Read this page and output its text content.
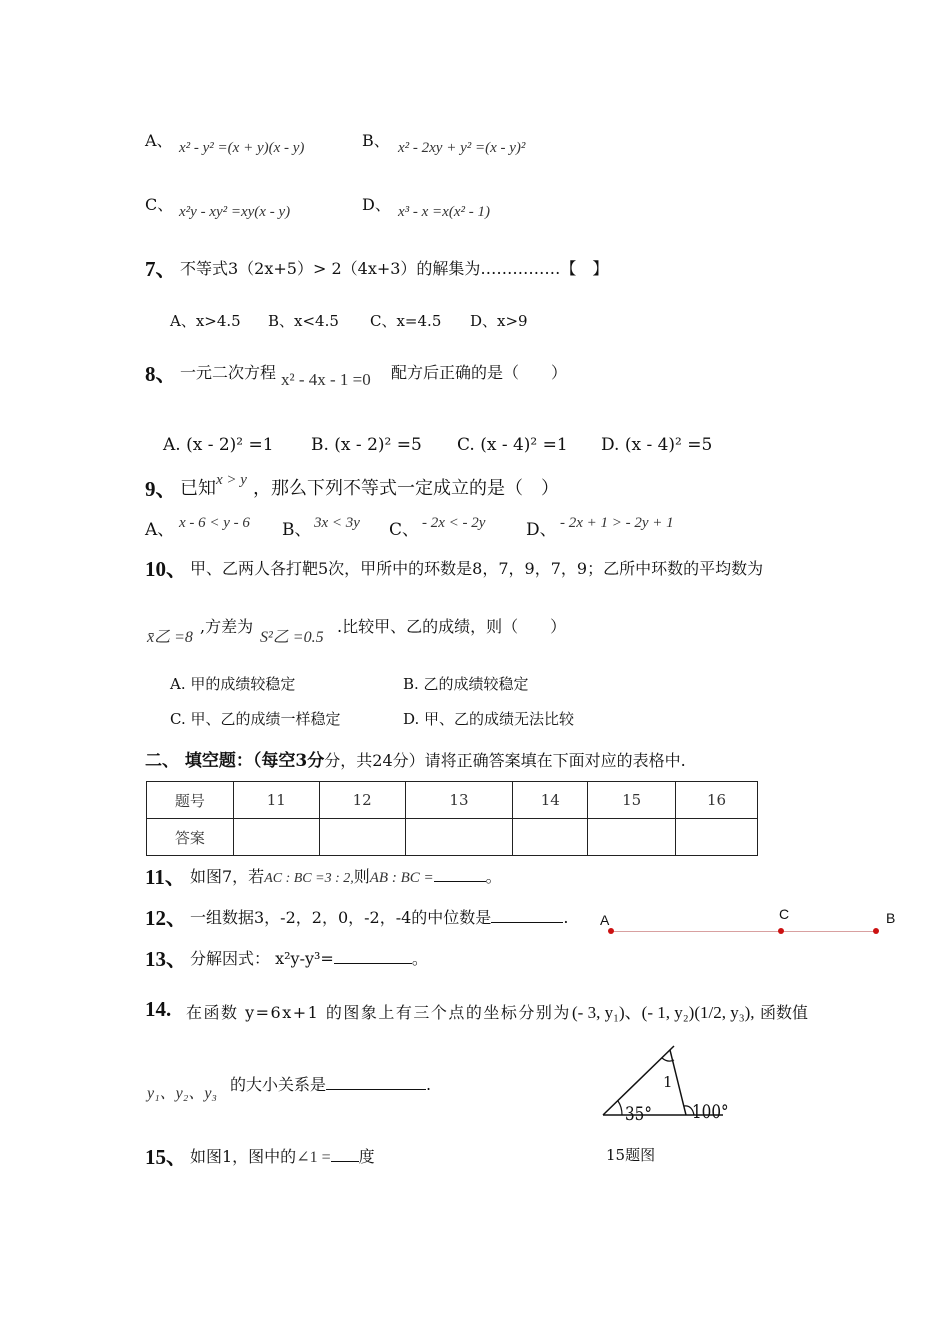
A、 x² - y² =(x + y)(x - y)	B、 x² - 2xy + y² =(x - y)²
C、 x²y - xy² =xy(x - y)	D、 x³ - x =x(x² - 1)
7、 不等式3（2x+5）> 2（4x+3）的解集为……………【　】
A、x>4.5 B、x<4.5 C、x=4.5 D、x>9
8、 一元二次方程 x² - 4x - 1 =0 配方后正确的是（　　）
A. (x - 2)² =1 B. (x - 2)² =5 C. (x - 4)² =1 D. (x - 4)² =5
9、 已知 x > y ，那么下列不等式一定成立的是（　）
A、 x - 6 < y - 6 B、 3x < 3y C、 - 2x < - 2y D、 - 2x + 1 > - 2y + 1
10、 甲、乙两人各打靶5次，甲所中的环数是8，7，9，7，9；乙所中环数的平均数为
x̄乙 =8
,方差为
S²乙 =0.5
.比较甲、乙的成绩，则（　　）
A. 甲的成绩较稳定	B. 乙的成绩较稳定
C. 甲、乙的成绩一样稳定	D. 甲、乙的成绩无法比较
二、 填空题：（每空3分分，共24分）请将正确答案填在下面对应的表格中.
题号	11	12	13	14	15	16
答案						
11、 如图7，若AC : BC =3 : 2,则AB : BC =	。
12、 一组数据3，-2，2，0，-2，-4的中位数是	. A	C	B
13、 分解因式： x²y-y³=	。
14. 在函数 y=6x+1 的图象上有三个点的坐标分别为 (- 3, y₁)、(- 1, y₂)(1/2, y₃), 函数值
y₁、y₂、y₃ 的大小关系是	.	1
35° 100°
15题图
15、 如图1，图中的∠1 = 度
